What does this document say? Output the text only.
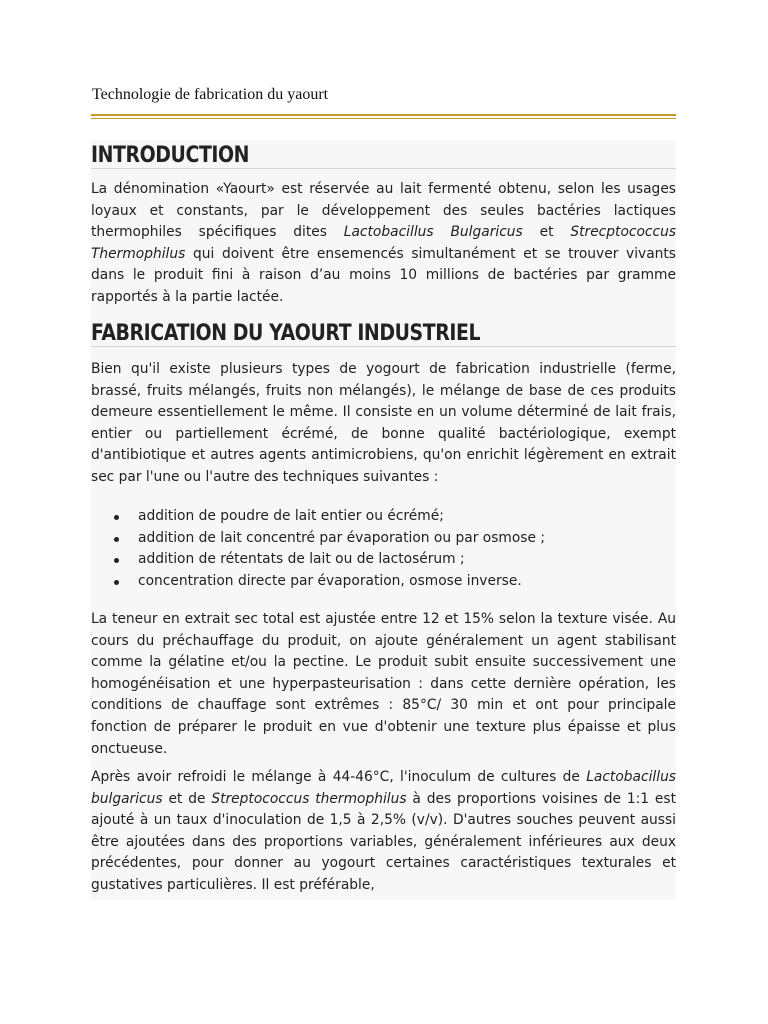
Technologie de fabrication du yaourt
INTRODUCTION

La dénomination «Yaourt» est réservée au lait fermenté obtenu, selon les usages loyaux et constants, par le développement des seules bactéries lactiques thermophiles spécifiques dites Lactobacillus Bulgaricus et Strecptococcus Thermophilus qui doivent être ensemencés simultanément et se trouver vivants dans le produit fini à raison d’au moins 10 millions de bactéries par gramme rapportés à la partie lactée.

FABRICATION DU YAOURT INDUSTRIEL

Bien qu'il existe plusieurs types de yogourt de fabrication industrielle (ferme, brassé, fruits mélangés, fruits non mélangés), le mélange de base de ces produits demeure essentiellement le même. Il consiste en un volume déterminé de lait frais, entier ou partiellement écrémé, de bonne qualité bactériologique, exempt d'antibiotique et autres agents antimicrobiens, qu'on enrichit légèrement en extrait sec par l'une ou l'autre des techniques suivantes :

addition de poudre de lait entier ou écrémé;
addition de lait concentré par évaporation ou par osmose ;
addition de rétentats de lait ou de lactosérum ;
concentration directe par évaporation, osmose inverse.

La teneur en extrait sec total est ajustée entre 12 et 15% selon la texture visée. Au cours du préchauffage du produit, on ajoute généralement un agent stabilisant comme la gélatine et/ou la pectine. Le produit subit ensuite successivement une homogénéisation et une hyperpasteurisation : dans cette dernière opération, les conditions de chauffage sont extrêmes : 85°C/ 30 min et ont pour principale fonction de préparer le produit en vue d'obtenir une texture plus épaisse et plus onctueuse.

Après avoir refroidi le mélange à 44-46°C, l'inoculum de cultures de Lactobacillus bulgaricus et de Streptococcus thermophilus à des proportions voisines de 1:1 est ajouté à un taux d'inoculation de 1,5 à 2,5% (v/v). D'autres souches peuvent aussi être ajoutées dans des proportions variables, généralement inférieures aux deux précédentes, pour donner au yogourt certaines caractéristiques texturales et gustatives particulières. Il est préférable,
